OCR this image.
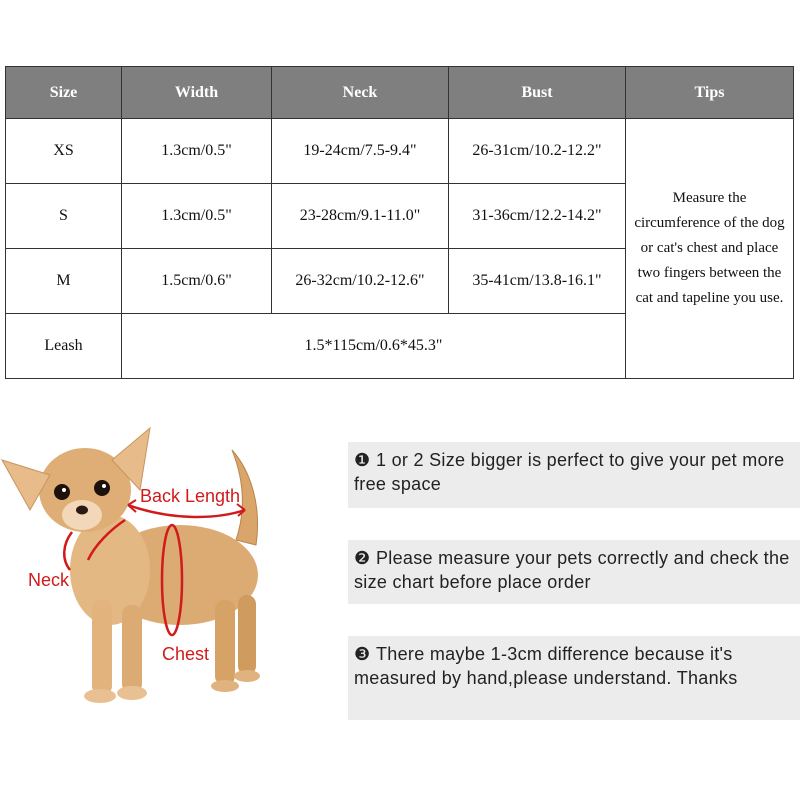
Size	Width	Neck	Bust	Tips
XS	1.3cm/0.5"	19-24cm/7.5-9.4"	26-31cm/10.2-12.2"	Measure the circumference of the dog or cat's chest and place two fingers between the cat and tapeline you use.
S	1.3cm/0.5"	23-28cm/9.1-11.0"	31-36cm/12.2-14.2"	
M	1.5cm/0.6"	26-32cm/10.2-12.6"	35-41cm/13.8-16.1"	
Leash	1.5*115cm/0.6*45.3"			
Back Length
Neck
Chest
❶ 1 or 2 Size bigger is perfect to give your pet more free space
❷ Please measure your pets correctly and check the size chart before place order
❸ There maybe 1-3cm difference because it's measured by hand,please understand. Thanks
